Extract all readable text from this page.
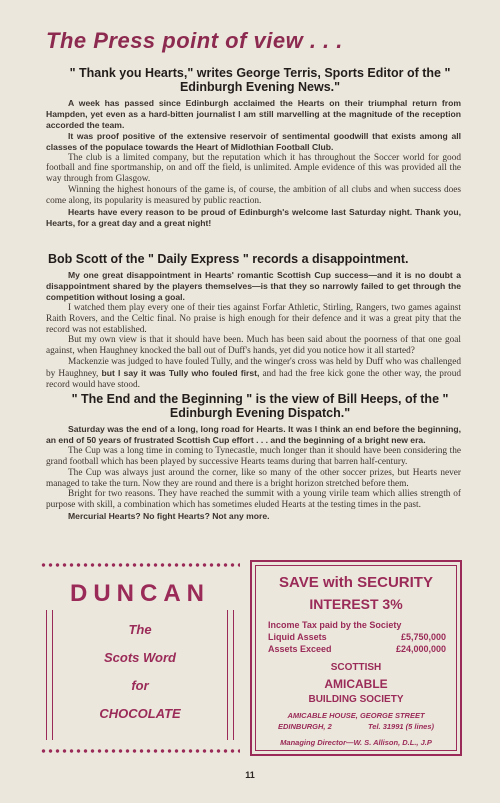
The Press point of view . . .
" Thank you Hearts," writes George Terris, Sports Editor of the " Edinburgh Evening News."

A week has passed since Edinburgh acclaimed the Hearts on their triumphal return from Hampden, yet even as a hard-bitten journalist I am still marvelling at the magnitude of the reception accorded the team.

It was proof positive of the extensive reservoir of sentimental goodwill that exists among all classes of the populace towards the Heart of Midlothian Football Club.

The club is a limited company, but the reputation which it has throughout the Soccer world for good football and fine sportmanship, on and off the field, is unlimited. Ample evidence of this was provided all the way through from Glasgow.

Winning the highest honours of the game is, of course, the ambition of all clubs and when success does come along, its popularity is measured by public reaction.

Hearts have every reason to be proud of Edinburgh's welcome last Saturday night. Thank you, Hearts, for a great day and a great night!

Bob Scott of the " Daily Express " records a disappointment.

My one great disappointment in Hearts' romantic Scottish Cup success—and it is no doubt a disappointment shared by the players themselves—is that they so narrowly failed to get through the competition without losing a goal.

I watched them play every one of their ties against Forfar Athletic, Stirling, Rangers, two games against Raith Rovers, and the Celtic final. No praise is high enough for their defence and it was a great pity that the record was not established.

But my own view is that it should have been. Much has been said about the poorness of that one goal against, when Haughney knocked the ball out of Duff's hands, yet did you notice how it all started?

Mackenzie was judged to have fouled Tully, and the winger's cross was held by Duff who was challenged by Haughney, but I say it was Tully who fouled first, and had the free kick gone the other way, the proud record would have stood.

" The End and the Beginning " is the view of Bill Heeps, of the " Edinburgh Evening Dispatch."

Saturday was the end of a long, long road for Hearts. It was I think an end before the beginning, an end of 50 years of frustrated Scottish Cup effort . . . and the beginning of a bright new era.

The Cup was a long time in coming to Tynecastle, much longer than it should have been considering the grand football which has been played by successive Hearts teams during that barren half-century.

The Cup was always just around the corner, like so many of the other soccer prizes, but Hearts never managed to take the turn. Now they are round and there is a bright horizon stretched before them.

Bright for two reasons. They have reached the summit with a young virile team which allies strength of purpose with skill, a combination which has sometimes eluded Hearts at the testing times in the past.

Mercurial Hearts? No fight Hearts? Not any more.

DUNCAN
The
Scots Word
for
CHOCOLATE
SAVE with SECURITY
INTEREST 3%
Income Tax paid by the Society
Liquid Assets	£5,750,000
Assets Exceed	£24,000,000
SCOTTISH
AMICABLE
BUILDING SOCIETY
AMICABLE HOUSE, GEORGE STREET
EDINBURGH, 2	Tel. 31991 (5 lines)
Managing Director—W. S. Allison, D.L., J.P
11
